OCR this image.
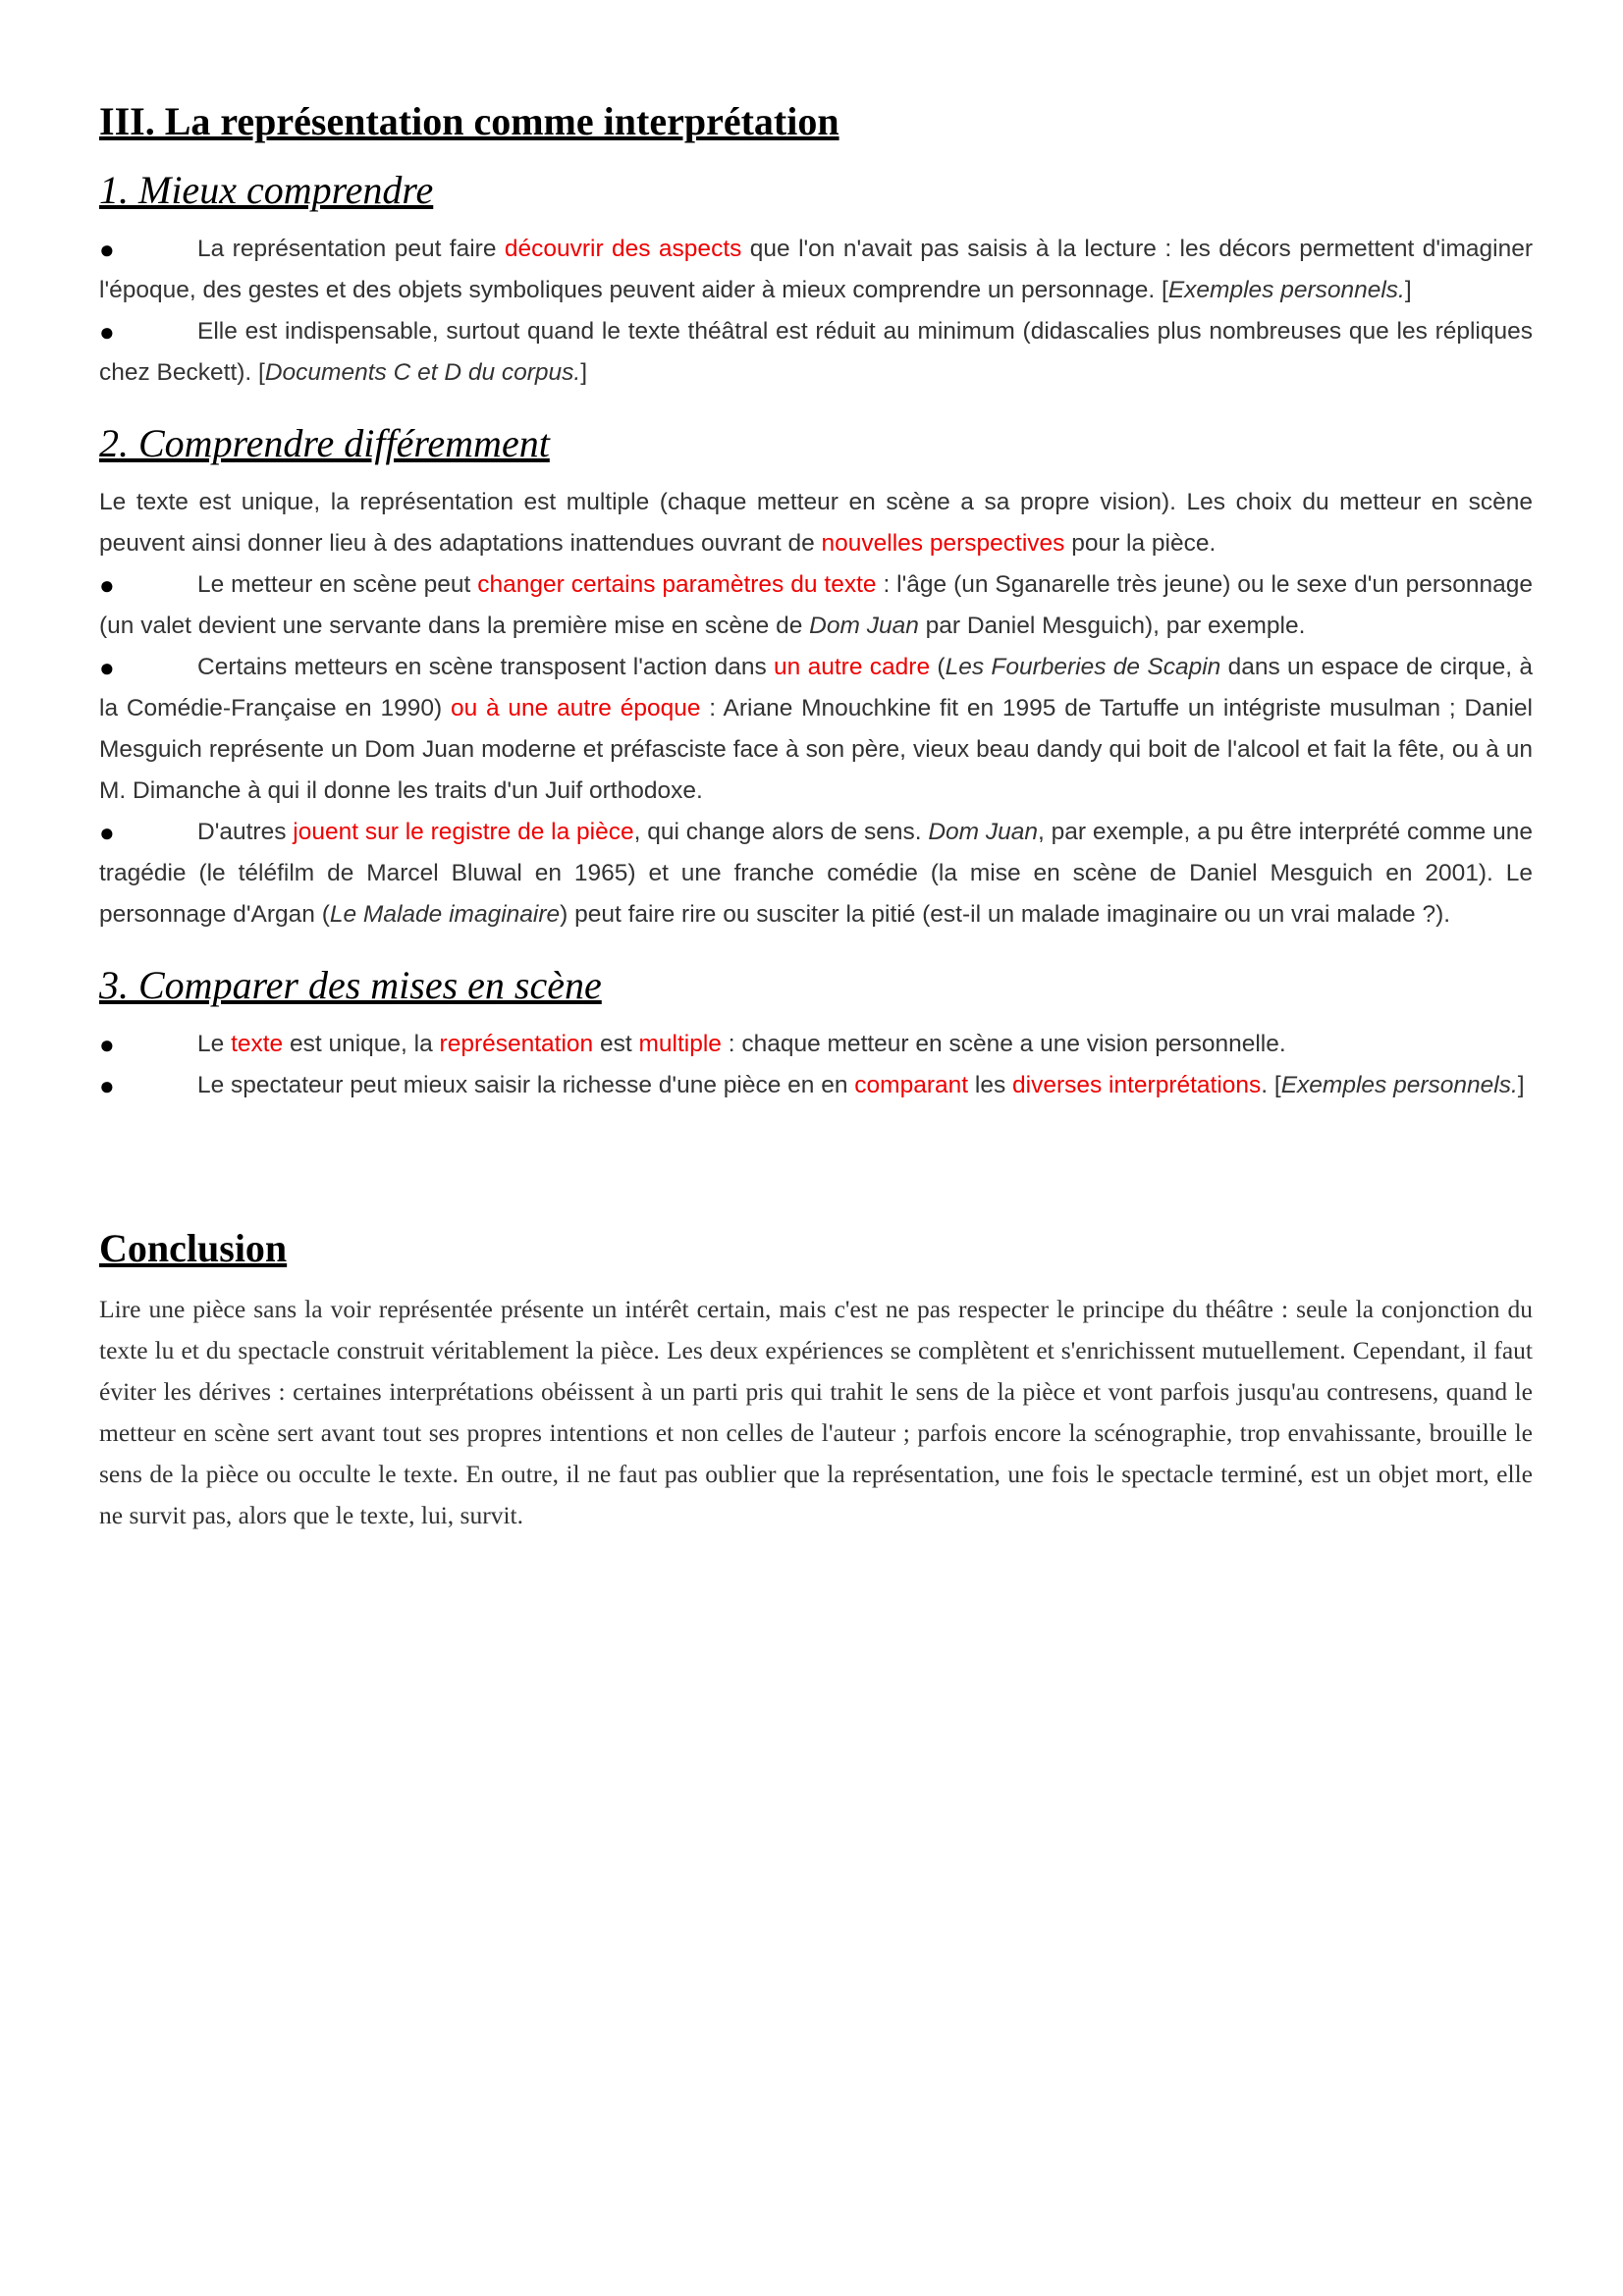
III. La représentation comme interprétation
1. Mieux comprendre

●	La représentation peut faire découvrir des aspects que l'on n'avait pas saisis à la lecture : les décors permettent d'imaginer l'époque, des gestes et des objets symboliques peuvent aider à mieux comprendre un personnage. [Exemples personnels.]

●	Elle est indispensable, surtout quand le texte théâtral est réduit au minimum (didascalies plus nombreuses que les répliques chez Beckett). [Documents C et D du corpus.]

2. Comprendre différemment

Le texte est unique, la représentation est multiple (chaque metteur en scène a sa propre vision). Les choix du metteur en scène peuvent ainsi donner lieu à des adaptations inattendues ouvrant de nouvelles perspectives pour la pièce.

●	Le metteur en scène peut changer certains paramètres du texte : l'âge (un Sganarelle très jeune) ou le sexe d'un personnage (un valet devient une servante dans la première mise en scène de Dom Juan par Daniel Mesguich), par exemple.

●	Certains metteurs en scène transposent l'action dans un autre cadre (Les Fourberies de Scapin dans un espace de cirque, à la Comédie-Française en 1990) ou à une autre époque : Ariane Mnouchkine fit en 1995 de Tartuffe un intégriste musulman ; Daniel Mesguich représente un Dom Juan moderne et préfasciste face à son père, vieux beau dandy qui boit de l'alcool et fait la fête, ou à un M. Dimanche à qui il donne les traits d'un Juif orthodoxe.

●	D'autres jouent sur le registre de la pièce, qui change alors de sens. Dom Juan, par exemple, a pu être interprété comme une tragédie (le téléfilm de Marcel Bluwal en 1965) et une franche comédie (la mise en scène de Daniel Mesguich en 2001). Le personnage d'Argan (Le Malade imaginaire) peut faire rire ou susciter la pitié (est-il un malade imaginaire ou un vrai malade ?).

3. Comparer des mises en scène

●	Le texte est unique, la représentation est multiple : chaque metteur en scène a une vision personnelle.

●	Le spectateur peut mieux saisir la richesse d'une pièce en en comparant les diverses interprétations. [Exemples personnels.]

Conclusion

Lire une pièce sans la voir représentée présente un intérêt certain, mais c'est ne pas respecter le principe du théâtre : seule la conjonction du texte lu et du spectacle construit véritablement la pièce. Les deux expériences se complètent et s'enrichissent mutuellement. Cependant, il faut éviter les dérives : certaines interprétations obéissent à un parti pris qui trahit le sens de la pièce et vont parfois jusqu'au contresens, quand le metteur en scène sert avant tout ses propres intentions et non celles de l'auteur ; parfois encore la scénographie, trop envahissante, brouille le sens de la pièce ou occulte le texte. En outre, il ne faut pas oublier que la représentation, une fois le spectacle terminé, est un objet mort, elle ne survit pas, alors que le texte, lui, survit.
